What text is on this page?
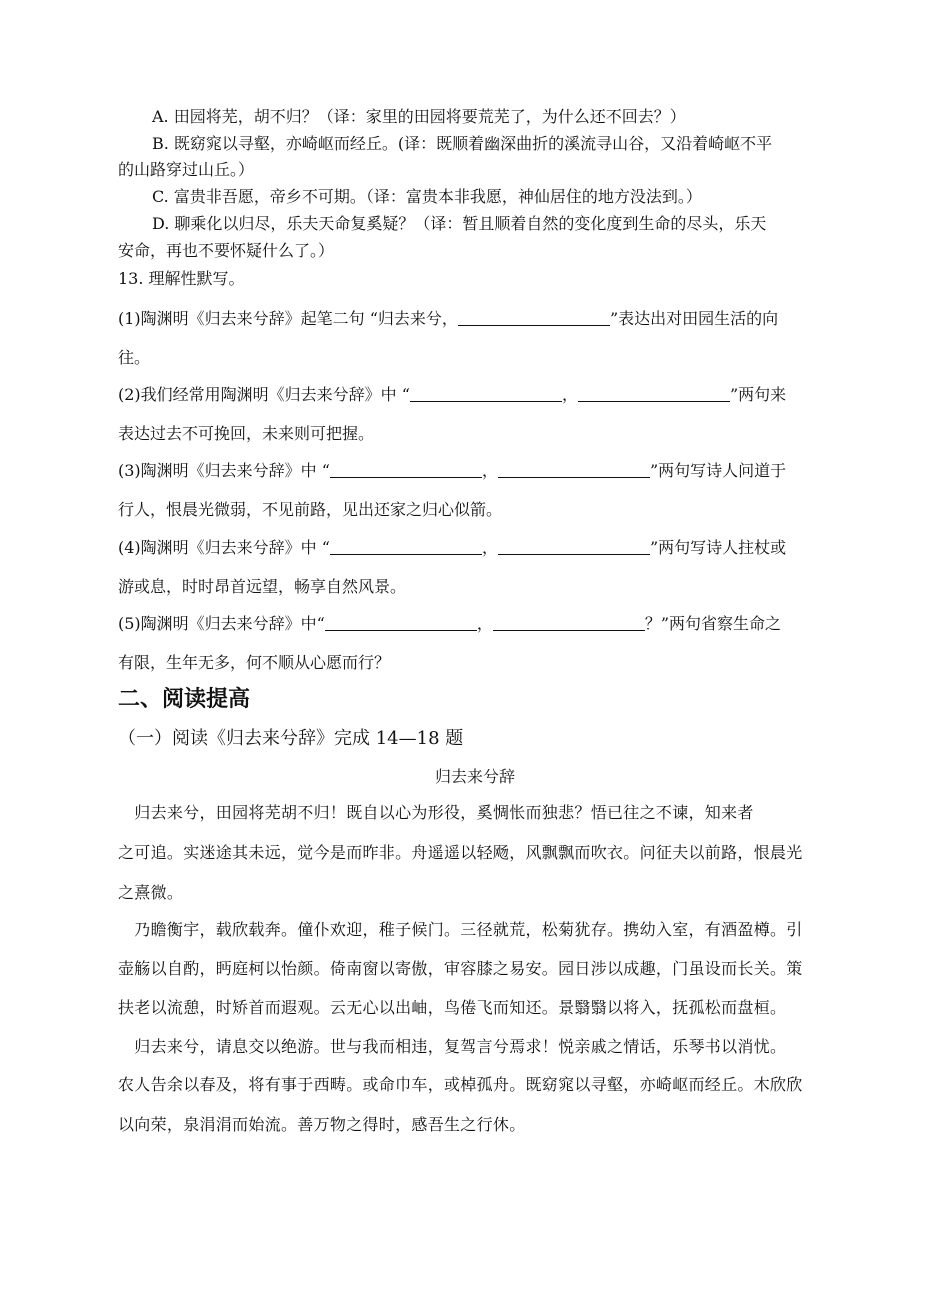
A. 田园将芜，胡不归？（译：家里的田园将要荒芜了，为什么还不回去？）
B. 既窈窕以寻壑，亦崎岖而经丘。(译：既顺着幽深曲折的溪流寻山谷，又沿着崎岖不平
的山路穿过山丘。）
C. 富贵非吾愿，帝乡不可期。（译：富贵本非我愿，神仙居住的地方没法到。）
D. 聊乘化以归尽，乐夫天命复奚疑？（译：暂且顺着自然的变化度到生命的尽头，乐天
安命，再也不要怀疑什么了。）
13. 理解性默写。
(1)陶渊明《归去来兮辞》起笔二句 “归去来兮，	”表达出对田园生活的向
往。
(2)我们经常用陶渊明《归去来兮辞》中 “	，	”两句来
表达过去不可挽回，未来则可把握。
(3)陶渊明《归去来兮辞》中 “	，	”两句写诗人问道于
行人，恨晨光微弱，不见前路，见出还家之归心似箭。
(4)陶渊明《归去来兮辞》中 “	，	”两句写诗人拄杖或
游或息，时时昂首远望，畅享自然风景。
(5)陶渊明《归去来兮辞》中“	，	？”两句省察生命之
有限，生年无多，何不顺从心愿而行？
二、阅读提高
（一）阅读《归去来兮辞》完成 14—18 题
归去来兮辞
　归去来兮，田园将芜胡不归！既自以心为形役，奚惆怅而独悲？悟已往之不谏，知来者
之可追。实迷途其未远，觉今是而昨非。舟遥遥以轻飏，风飘飘而吹衣。问征夫以前路，恨晨光
之熹微。
　乃瞻衡宇，载欣载奔。僮仆欢迎，稚子候门。三径就荒，松菊犹存。携幼入室，有酒盈樽。引
壶觞以自酌，眄庭柯以怡颜。倚南窗以寄傲，审容膝之易安。园日涉以成趣，门虽设而长关。策
扶老以流憩，时矫首而遐观。云无心以出岫，鸟倦飞而知还。景翳翳以将入，抚孤松而盘桓。
　归去来兮，请息交以绝游。世与我而相违，复驾言兮焉求！悦亲戚之情话，乐琴书以消忧。
农人告余以春及，将有事于西畴。或命巾车，或棹孤舟。既窈窕以寻壑，亦崎岖而经丘。木欣欣
以向荣，泉涓涓而始流。善万物之得时，感吾生之行休。
